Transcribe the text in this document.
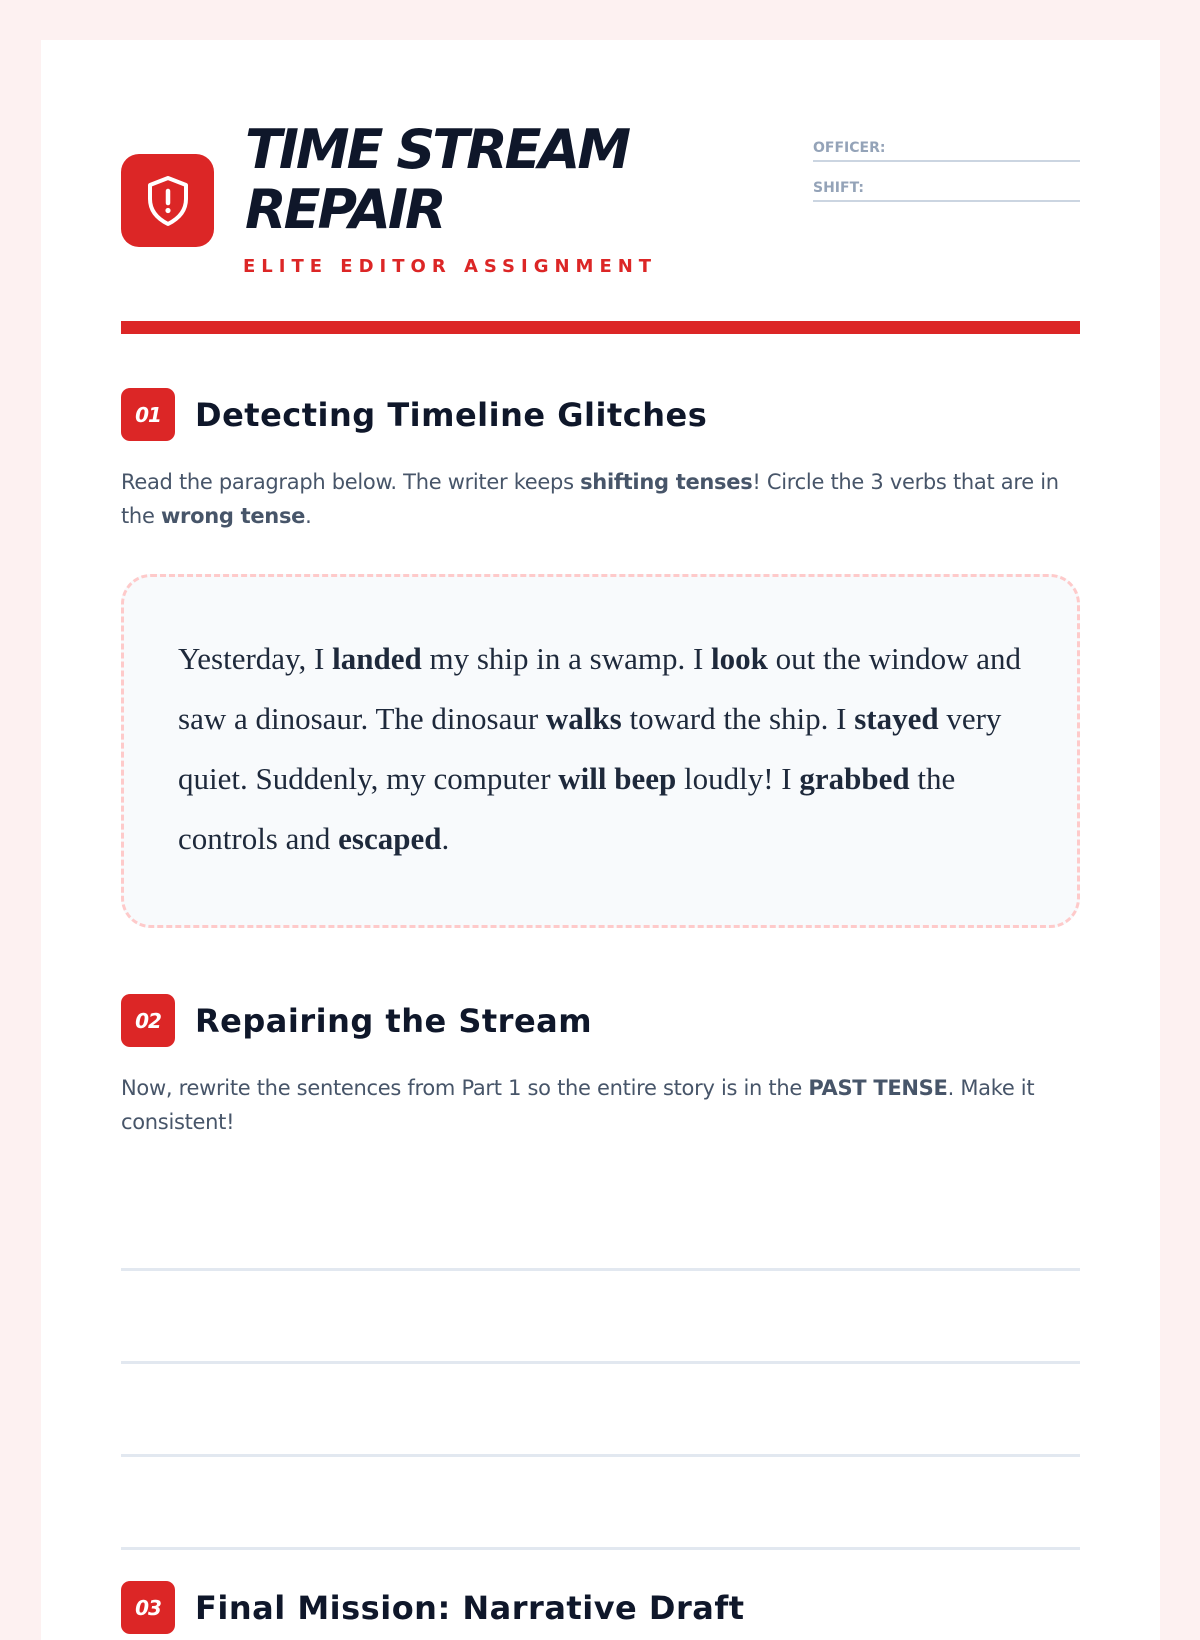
TIME STREAM REPAIR
ELITE EDITOR ASSIGNMENT
OFFICER:
SHIFT:
01	Detecting Timeline Glitches

Read the paragraph below. The writer keeps shifting tenses! Circle the 3 verbs that are in the wrong tense.

Yesterday, I landed my ship in a swamp. I look out the window and saw a dinosaur. The dinosaur walks toward the ship. I stayed very quiet. Suddenly, my computer will beep loudly! I grabbed the controls and escaped.

02	Repairing the Stream

Now, rewrite the sentences from Part 1 so the entire story is in the PAST TENSE. Make it consistent!

03	Final Mission: Narrative Draft
